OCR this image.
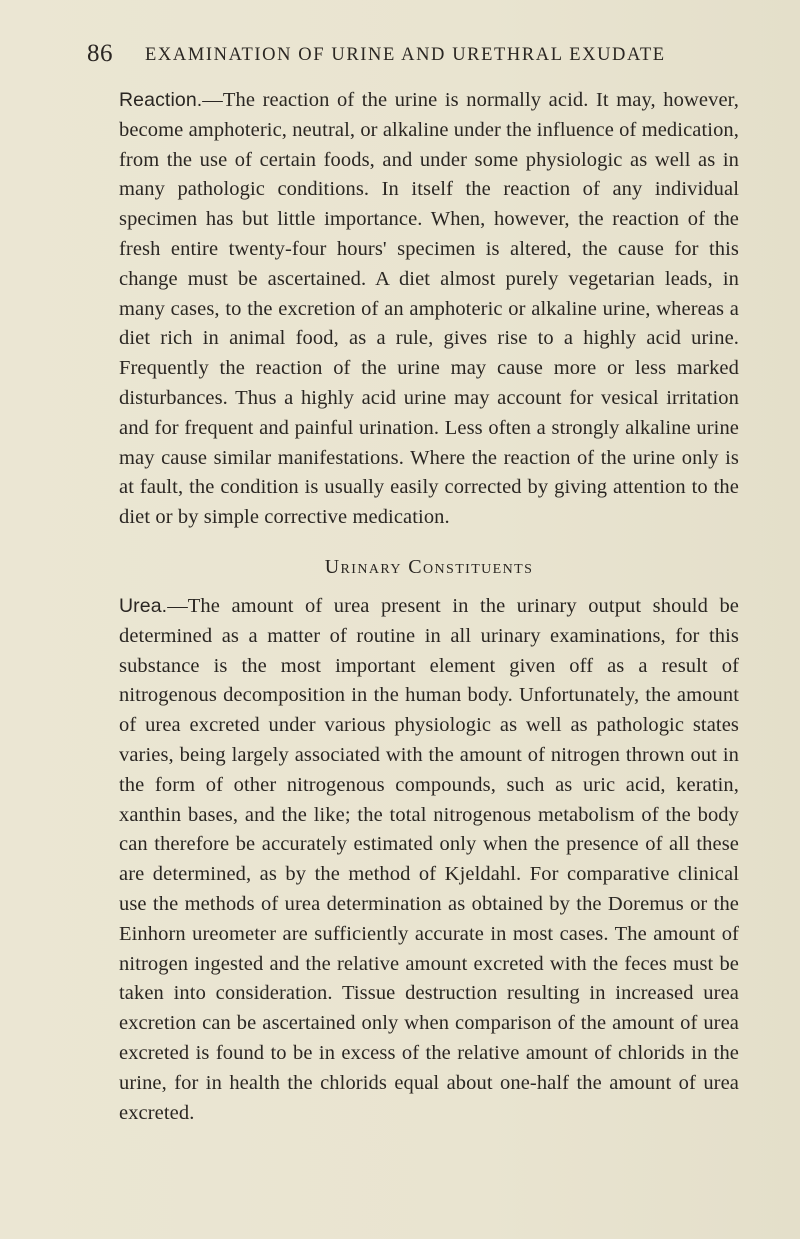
86 EXAMINATION OF URINE AND URETHRAL EXUDATE

Reaction.—The reaction of the urine is normally acid. It may, however, become amphoteric, neutral, or alkaline under the influence of medication, from the use of certain foods, and under some physiologic as well as in many pathologic conditions. In itself the reaction of any individual specimen has but little importance. When, however, the reaction of the fresh entire twenty-four hours' specimen is altered, the cause for this change must be ascertained. A diet almost purely vegetarian leads, in many cases, to the excretion of an amphoteric or alkaline urine, whereas a diet rich in animal food, as a rule, gives rise to a highly acid urine. Frequently the reaction of the urine may cause more or less marked disturbances. Thus a highly acid urine may account for vesical irritation and for frequent and painful urination. Less often a strongly alkaline urine may cause similar manifestations. Where the reaction of the urine only is at fault, the condition is usually easily corrected by giving attention to the diet or by simple corrective medication.

Urinary Constituents

Urea.—The amount of urea present in the urinary output should be determined as a matter of routine in all urinary examinations, for this substance is the most important element given off as a result of nitrogenous decomposition in the human body. Unfortunately, the amount of urea excreted under various physiologic as well as pathologic states varies, being largely associated with the amount of nitrogen thrown out in the form of other nitrogenous compounds, such as uric acid, keratin, xanthin bases, and the like; the total nitrogenous metabolism of the body can therefore be accurately estimated only when the presence of all these are determined, as by the method of Kjeldahl. For comparative clinical use the methods of urea determination as obtained by the Doremus or the Einhorn ureometer are sufficiently accurate in most cases. The amount of nitrogen ingested and the relative amount excreted with the feces must be taken into consideration. Tissue destruction resulting in increased urea excretion can be ascertained only when comparison of the amount of urea excreted is found to be in excess of the relative amount of chlorids in the urine, for in health the chlorids equal about one-half the amount of urea excreted.
